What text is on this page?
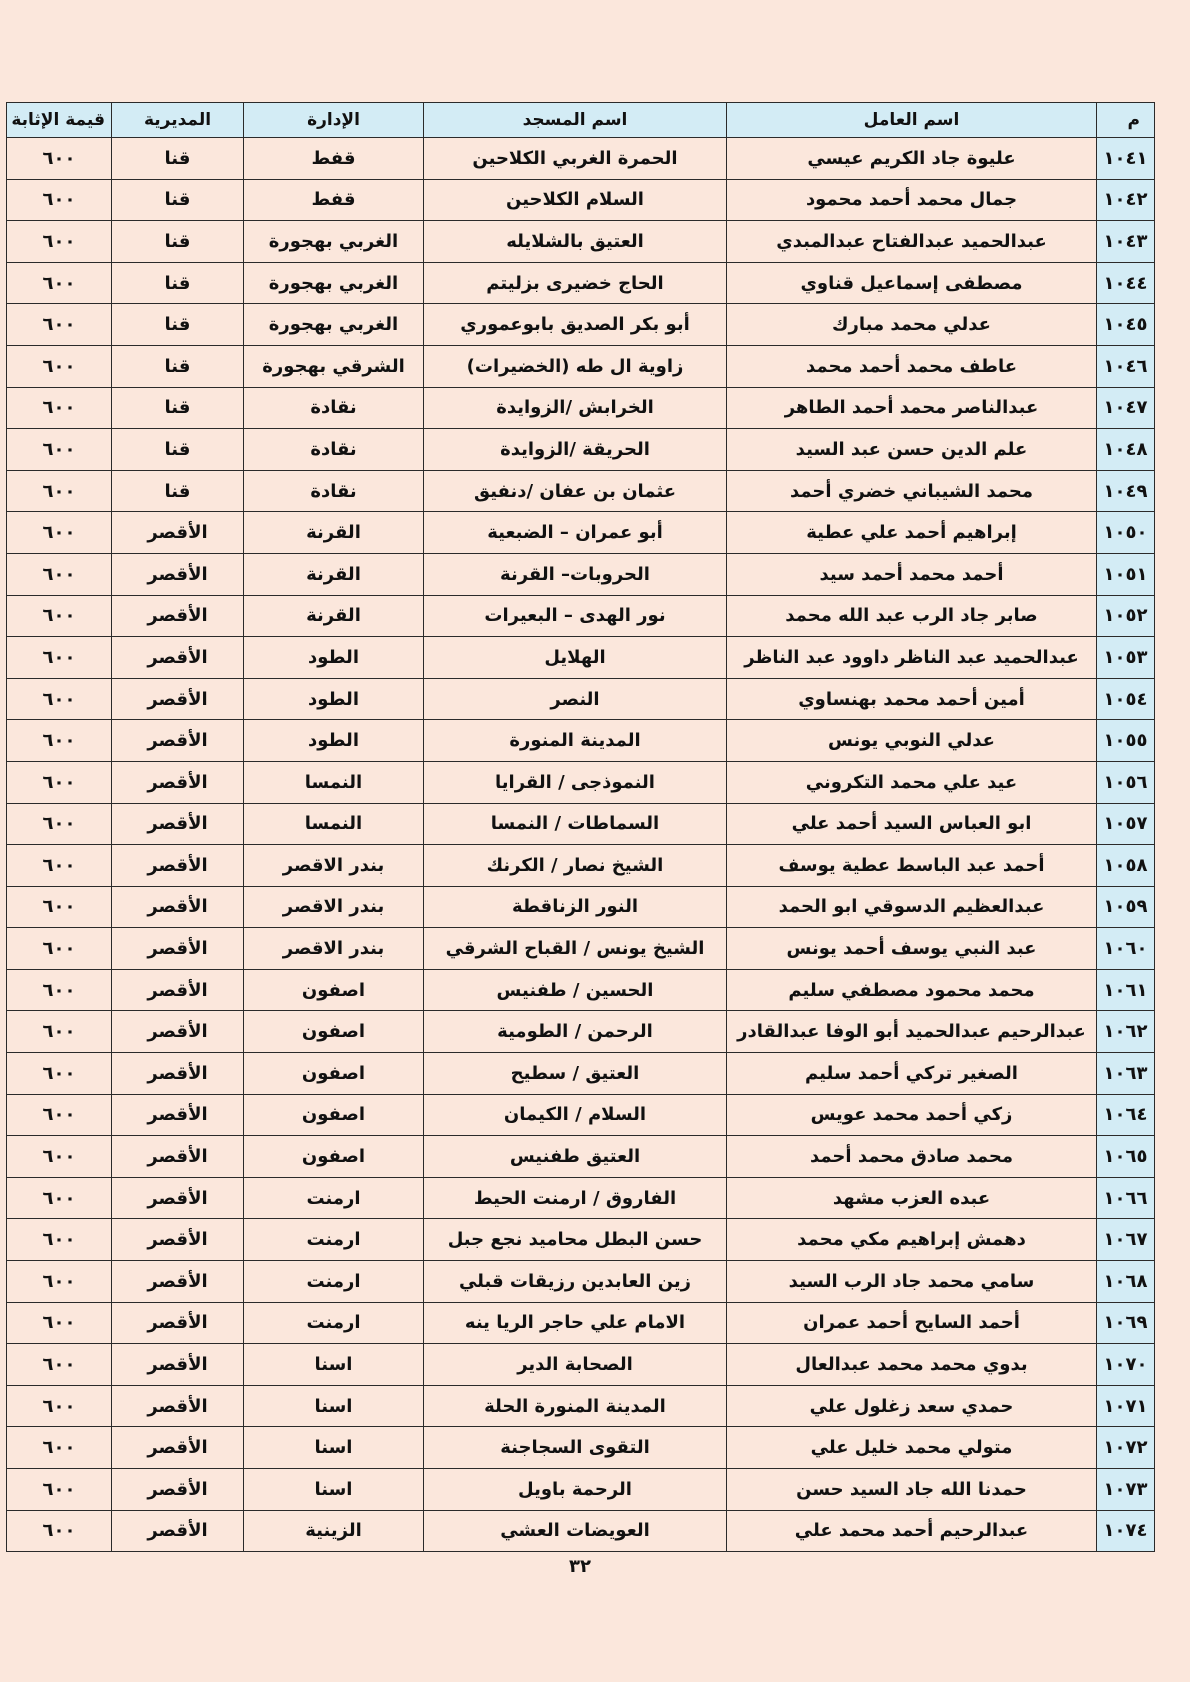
م	اسم العامل	اسم المسجد	الإدارة	المديرية	قيمة الإثابة
١٠٤١	عليوة جاد الكريم عيسي	الحمرة الغربي الكلاحين	قفط	قنا	٦٠٠
١٠٤٢	جمال محمد أحمد محمود	السلام الكلاحين	قفط	قنا	٦٠٠
١٠٤٣	عبدالحميد عبدالفتاح عبدالمبدي	العتيق بالشلايله	الغربي بهجورة	قنا	٦٠٠
١٠٤٤	مصطفى إسماعيل قناوي	الحاج خضيرى بزليتم	الغربي بهجورة	قنا	٦٠٠
١٠٤٥	عدلي محمد مبارك	أبو بكر الصديق بابوعموري	الغربي بهجورة	قنا	٦٠٠
١٠٤٦	عاطف محمد أحمد محمد	زاوية ال طه (الخضيرات)	الشرقي بهجورة	قنا	٦٠٠
١٠٤٧	عبدالناصر محمد أحمد الطاهر	الخرابش /الزوايدة	نقادة	قنا	٦٠٠
١٠٤٨	علم الدين حسن عبد السيد	الحريقة /الزوايدة	نقادة	قنا	٦٠٠
١٠٤٩	محمد الشيباني خضري أحمد	عثمان بن عفان /دنفيق	نقادة	قنا	٦٠٠
١٠٥٠	إبراهيم أحمد علي عطية	أبو عمران – الضبعية	القرنة	الأقصر	٦٠٠
١٠٥١	أحمد محمد أحمد سيد	الحروبات– القرنة	القرنة	الأقصر	٦٠٠
١٠٥٢	صابر جاد الرب عبد الله محمد	نور الهدى – البعيرات	القرنة	الأقصر	٦٠٠
١٠٥٣	عبدالحميد عبد الناظر داوود عبد الناظر	الهلايل	الطود	الأقصر	٦٠٠
١٠٥٤	أمين أحمد محمد بهنساوي	النصر	الطود	الأقصر	٦٠٠
١٠٥٥	عدلي النوبي يونس	المدينة المنورة	الطود	الأقصر	٦٠٠
١٠٥٦	عيد علي محمد التكروني	النموذجى / القرايا	النمسا	الأقصر	٦٠٠
١٠٥٧	ابو العباس السيد أحمد علي	السماطات / النمسا	النمسا	الأقصر	٦٠٠
١٠٥٨	أحمد عبد الباسط عطية يوسف	الشيخ نصار / الكرنك	بندر الاقصر	الأقصر	٦٠٠
١٠٥٩	عبدالعظيم الدسوقي ابو الحمد	النور الزناقطة	بندر الاقصر	الأقصر	٦٠٠
١٠٦٠	عبد النبي يوسف أحمد يونس	الشيخ يونس / القباح الشرقي	بندر الاقصر	الأقصر	٦٠٠
١٠٦١	محمد محمود مصطفي سليم	الحسين / طفنيس	اصفون	الأقصر	٦٠٠
١٠٦٢	عبدالرحيم عبدالحميد أبو الوفا عبدالقادر	الرحمن / الطومية	اصفون	الأقصر	٦٠٠
١٠٦٣	الصغير تركي أحمد سليم	العتيق / سطيح	اصفون	الأقصر	٦٠٠
١٠٦٤	زكي أحمد محمد عويس	السلام / الكيمان	اصفون	الأقصر	٦٠٠
١٠٦٥	محمد صادق محمد أحمد	العتيق طفنيس	اصفون	الأقصر	٦٠٠
١٠٦٦	عبده العزب مشهد	الفاروق / ارمنت الحيط	ارمنت	الأقصر	٦٠٠
١٠٦٧	دهمش إبراهيم مكي محمد	حسن البطل محاميد نجع جبل	ارمنت	الأقصر	٦٠٠
١٠٦٨	سامي محمد جاد الرب السيد	زين العابدين رزيقات قبلي	ارمنت	الأقصر	٦٠٠
١٠٦٩	أحمد السايح أحمد عمران	الامام علي حاجر الريا ينه	ارمنت	الأقصر	٦٠٠
١٠٧٠	بدوي محمد محمد عبدالعال	الصحابة الدير	اسنا	الأقصر	٦٠٠
١٠٧١	حمدي سعد زغلول علي	المدينة المنورة الحلة	اسنا	الأقصر	٦٠٠
١٠٧٢	متولي محمد خليل علي	التقوى السجاجنة	اسنا	الأقصر	٦٠٠
١٠٧٣	حمدنا الله جاد السيد حسن	الرحمة باويل	اسنا	الأقصر	٦٠٠
١٠٧٤	عبدالرحيم أحمد محمد علي	العويضات العشي	الزينية	الأقصر	٦٠٠
٣٢
